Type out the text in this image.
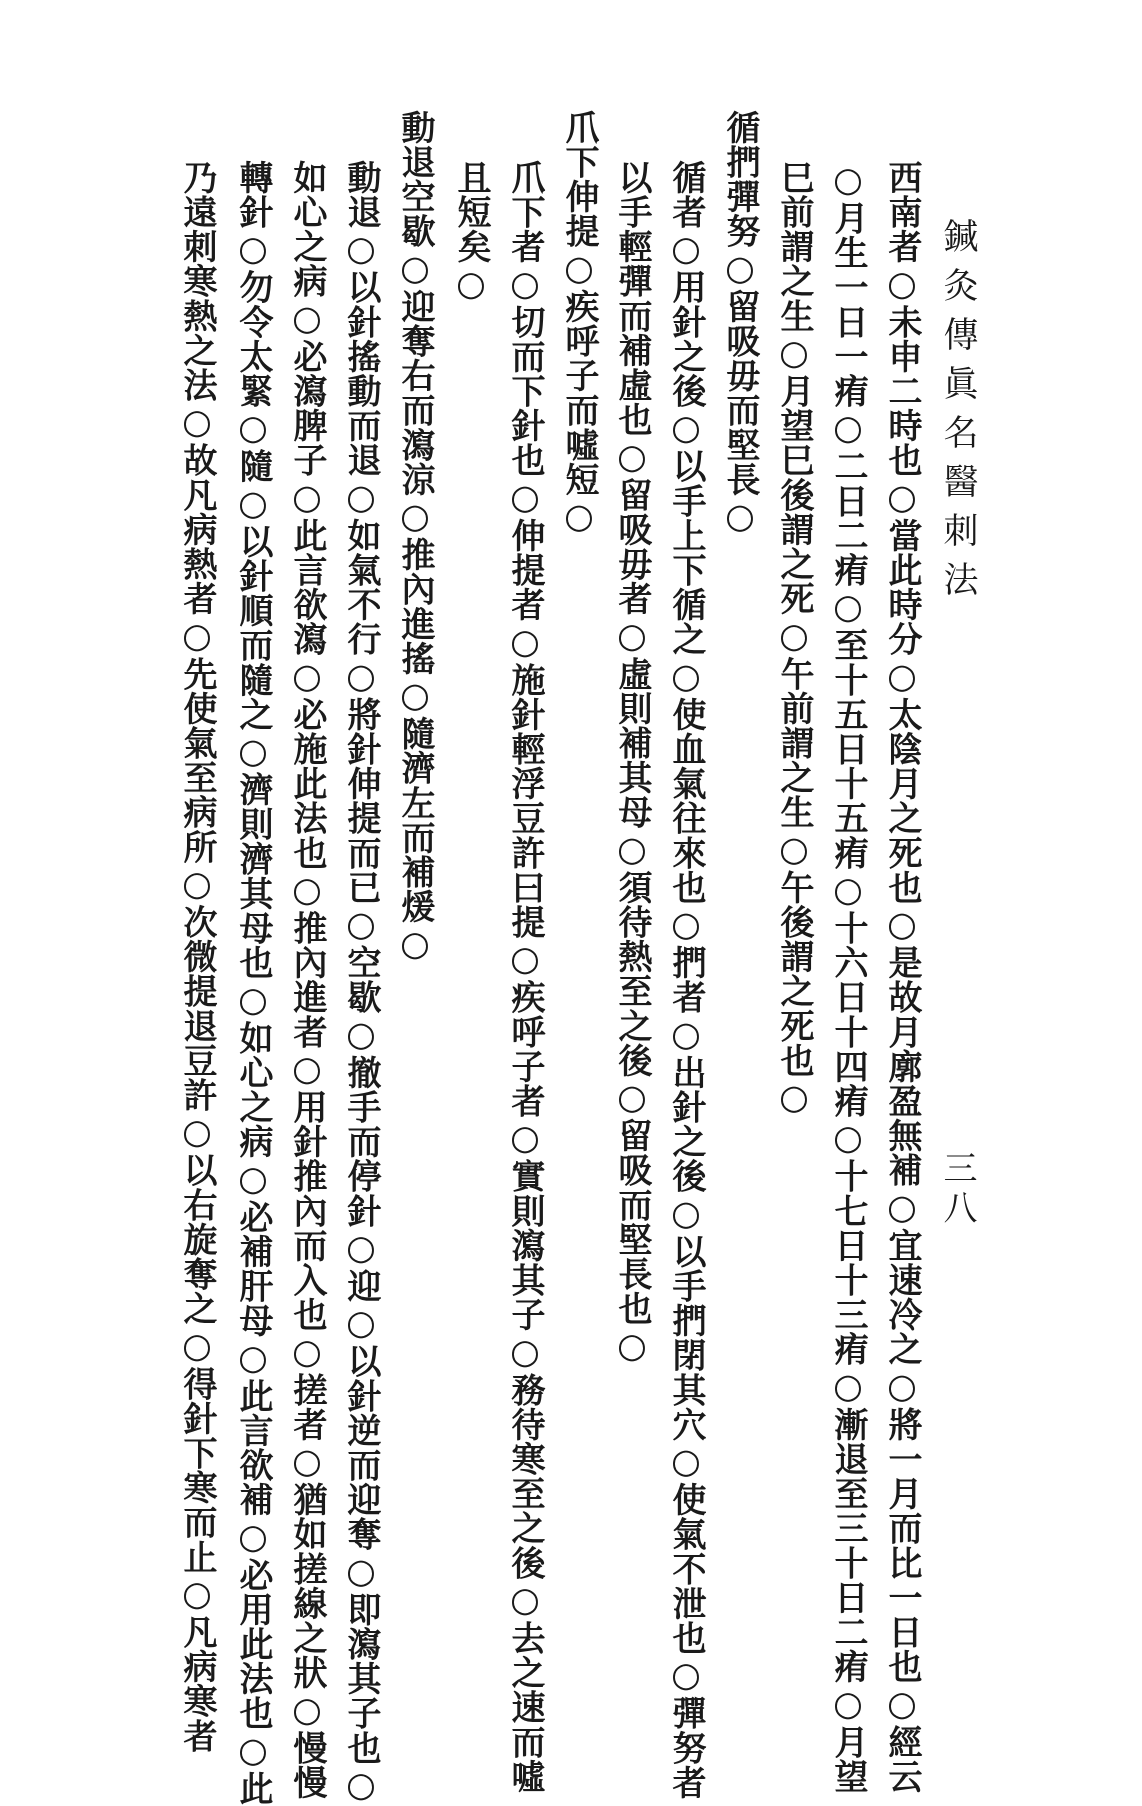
鍼灸傳眞名醫刺法
三八
西南者○未申二時也○當此時分○太陰月之死也○是故月廓盈無補○宜速冷之○將一月而比一日也○經云
○月生一日一痏○二日二痏○至十五日十五痏○十六日十四痏○十七日十三痏○漸退至三十日二痏○月望
巳前謂之生○月望巳後謂之死○午前謂之生○午後謂之死也○
循捫彈努○留吸毋而堅長○
循者○用針之後○以手上下循之○使血氣往來也○捫者○出針之後○以手捫閉其穴○使氣不泄也○彈努者
以手輕彈而補虛也○留吸毋者○虛則補其母○須待熱至之後○留吸而堅長也○
爪下伸提○疾呼子而噓短○
爪下者○切而下針也○伸提者○施針輕浮豆許曰提○疾呼子者○實則瀉其子○務待寒至之後○去之速而噓
且短矣○
動退空歇○迎奪右而瀉涼○推內進搖○隨濟左而補煖○
動退○以針搖動而退○如氣不行○將針伸提而已○空歇○撤手而停針○迎○以針逆而迎奪○即瀉其子也○
如心之病○必瀉脾子○此言欲瀉○必施此法也○推內進者○用針推內而入也○搓者○猶如搓線之狀○慢慢
轉針○勿令太緊○隨○以針順而隨之○濟則濟其母也○如心之病○必補肝母○此言欲補○必用此法也○此
乃遠刺寒熱之法○故凡病熱者○先使氣至病所○次微提退豆許○以右旋奪之○得針下寒而止○凡病寒者
